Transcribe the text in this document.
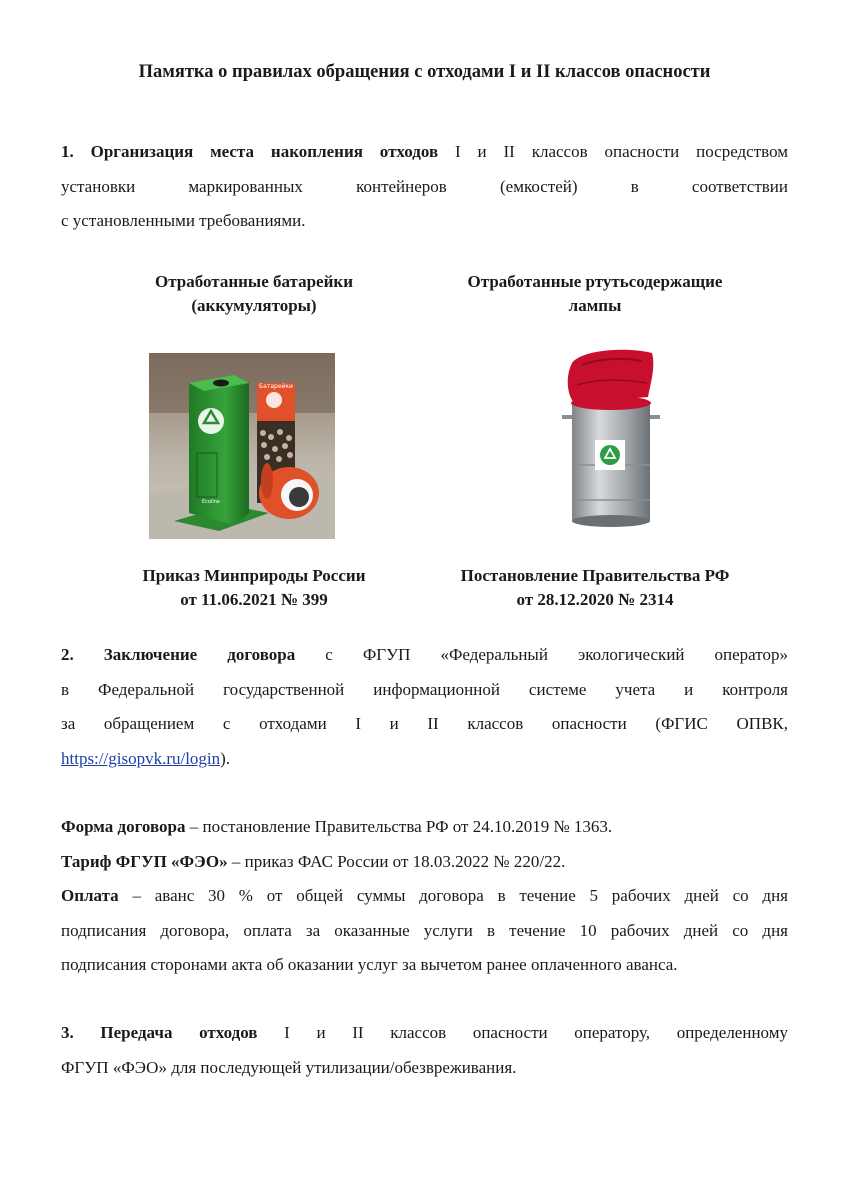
Памятка о правилах обращения с отходами I и II классов опасности
1. Организация места накопления отходов I и II классов опасности посредством
установки маркированных контейнеров (емкостей) в соответствии
с установленными требованиями.
Отработанные батарейки
(аккумуляторы)
Отработанные ртутьсодержащие
лампы
Ecoline
Батарейки
Приказ Минприроды России
от 11.06.2021 № 399
Постановление Правительства РФ
от 28.12.2020 № 2314
2. Заключение договора с ФГУП «Федеральный экологический оператор»
в Федеральной государственной информационной системе учета и контроля
за обращением с отходами I и II классов опасности (ФГИС ОПВК,
https://gisopvk.ru/login).
Форма договора – постановление Правительства РФ от 24.10.2019 № 1363.
Тариф ФГУП «ФЭО» – приказ ФАС России от 18.03.2022 № 220/22.
Оплата – аванс 30 % от общей суммы договора в течение 5 рабочих дней со дня
подписания договора, оплата за оказанные услуги в течение 10 рабочих дней со дня
подписания сторонами акта об оказании услуг за вычетом ранее оплаченного аванса.
3. Передача отходов I и II классов опасности оператору, определенному
ФГУП «ФЭО» для последующей утилизации/обезвреживания.
